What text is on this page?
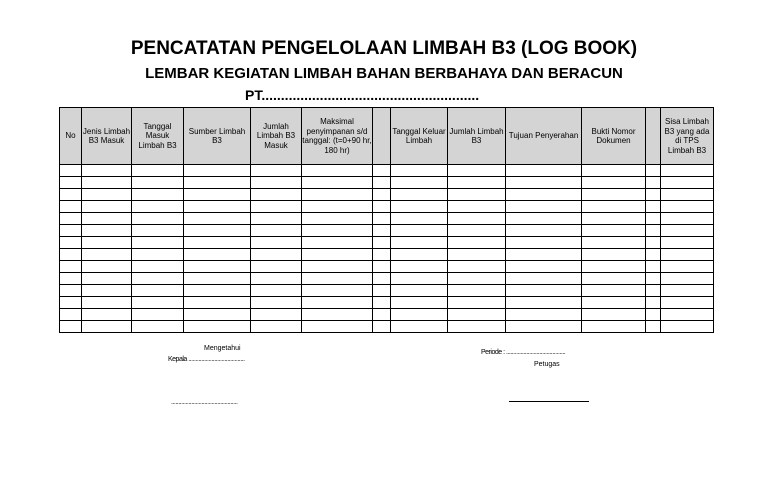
PENCATATAN PENGELOLAAN LIMBAH B3 (LOG BOOK)
LEMBAR KEGIATAN LIMBAH BAHAN BERBAHAYA DAN BERACUN
PT........................................................
No	Jenis Limbah B3 Masuk	Tanggal Masuk Limbah B3	Sumber Limbah B3	Jumlah Limbah B3 Masuk	Maksimal penyimpanan s/d tanggal: (t=0+90 hr, 180 hr)		Tanggal Keluar Limbah	Jumlah Limbah B3	Tujuan Penyerahan	Bukti Nomor Dokumen		Sisa Limbah B3 yang ada di TPS Limbah B3

Mengetahui
Kepala .......................................
..............................................
Periode : .........................................
Petugas
